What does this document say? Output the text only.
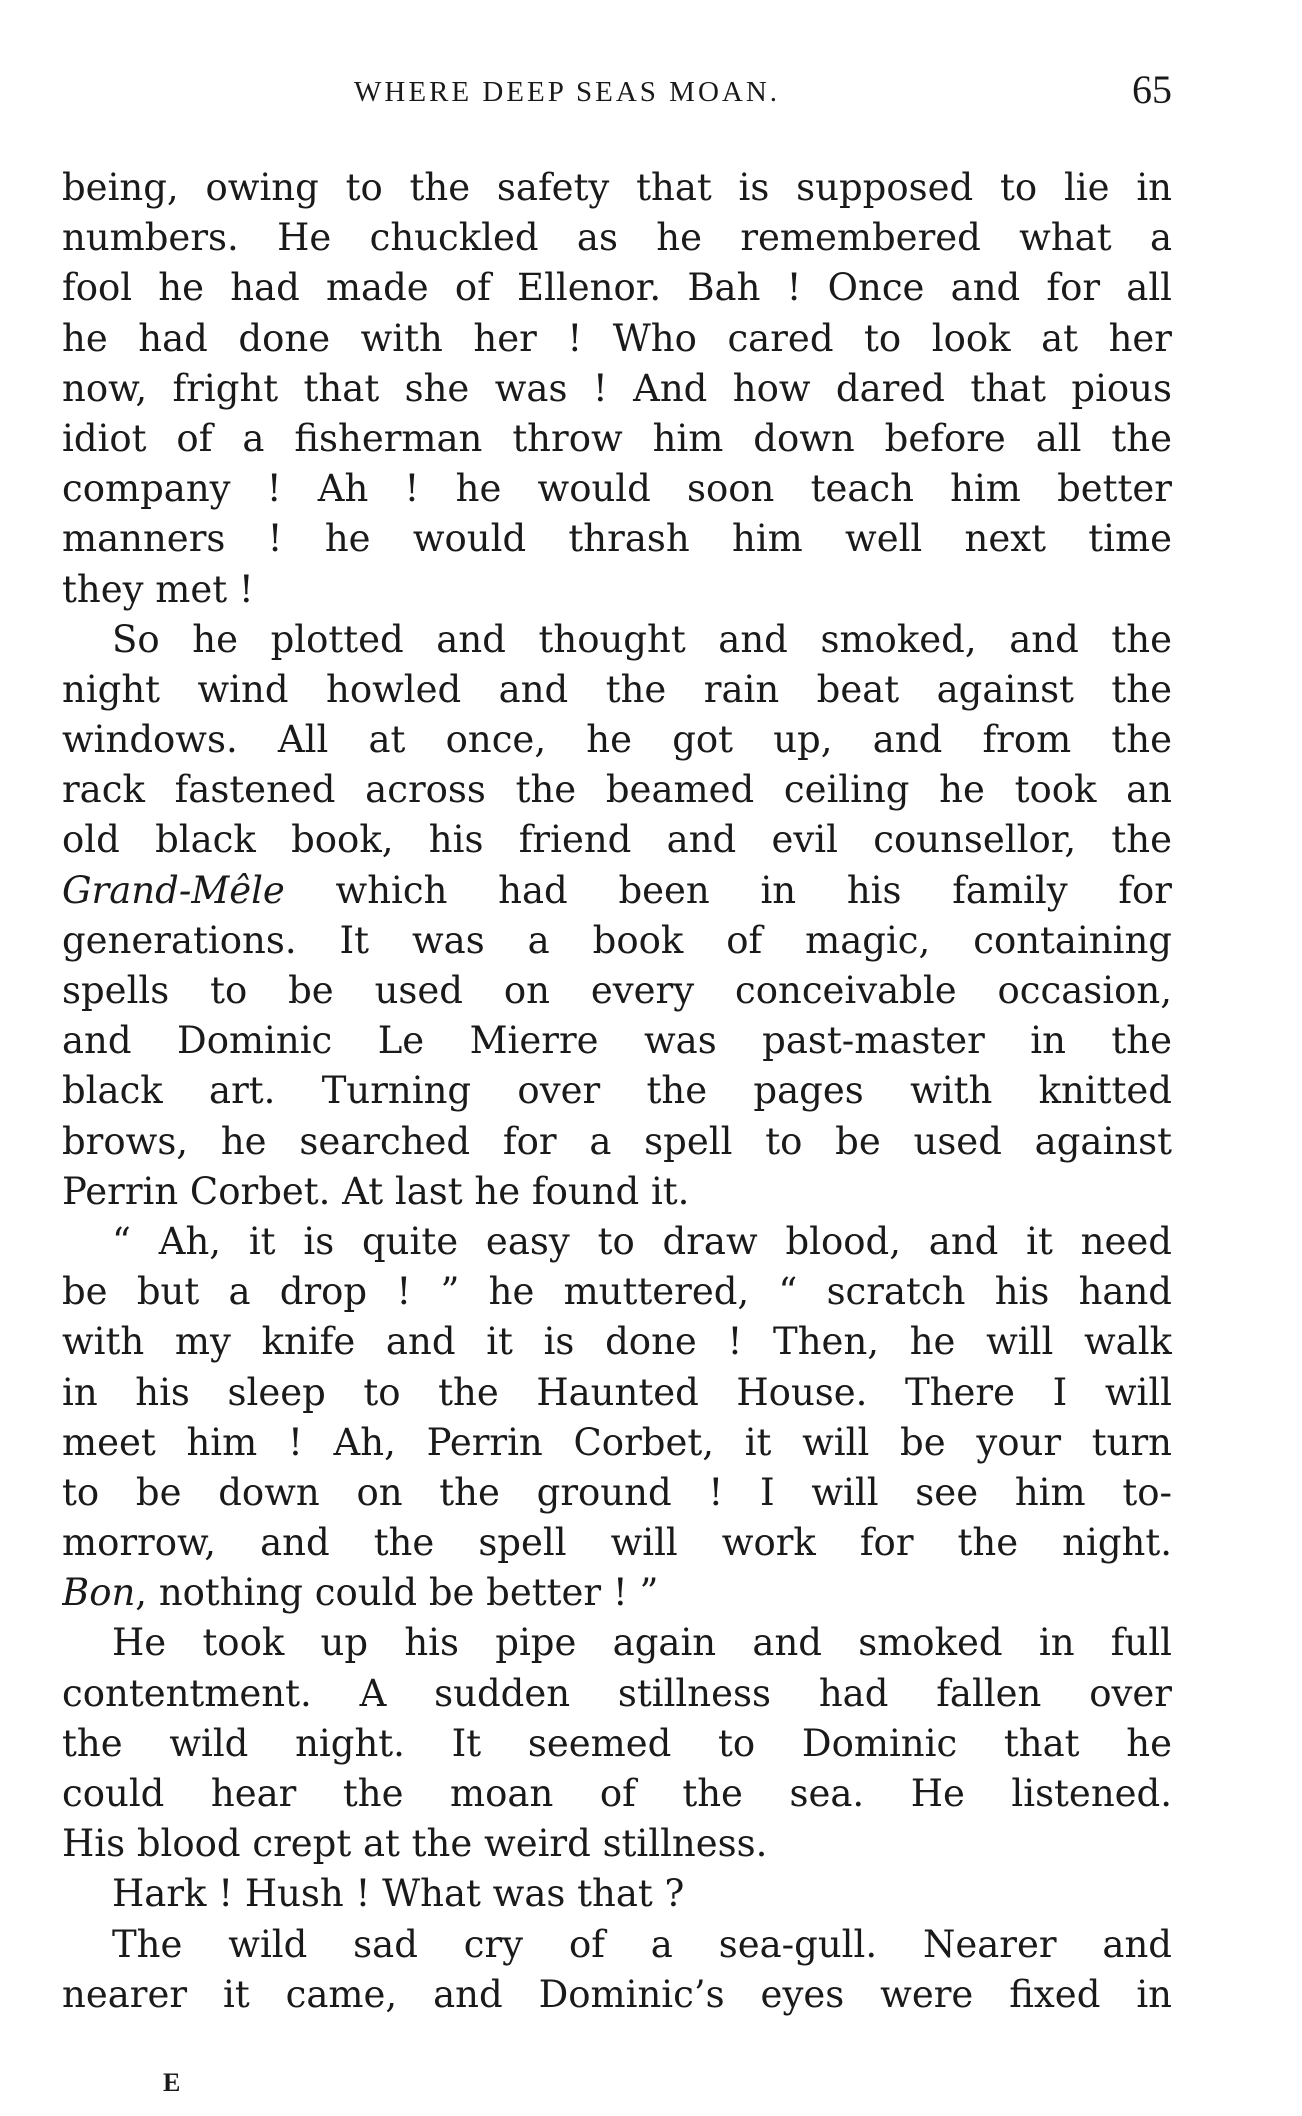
WHERE DEEP SEAS MOAN.	65
being, owing to the safety that is supposed to lie in
numbers. He chuckled as he remembered what a
fool he had made of Ellenor. Bah ! Once and for all
he had done with her ! Who cared to look at her
now, fright that she was ! And how dared that pious
idiot of a fisherman throw him down before all the
company ! Ah ! he would soon teach him better
manners ! he would thrash him well next time
they met !
So he plotted and thought and smoked, and the
night wind howled and the rain beat against the
windows. All at once, he got up, and from the
rack fastened across the beamed ceiling he took an
old black book, his friend and evil counsellor, the
Grand-Mêle which had been in his family for
generations. It was a book of magic, containing
spells to be used on every conceivable occasion,
and Dominic Le Mierre was past-master in the
black art. Turning over the pages with knitted
brows, he searched for a spell to be used against
Perrin Corbet. At last he found it.
“ Ah, it is quite easy to draw blood, and it need
be but a drop ! ” he muttered, “ scratch his hand
with my knife and it is done ! Then, he will walk
in his sleep to the Haunted House. There I will
meet him ! Ah, Perrin Corbet, it will be your turn
to be down on the ground ! I will see him to-
morrow, and the spell will work for the night.
Bon, nothing could be better ! ”
He took up his pipe again and smoked in full
contentment. A sudden stillness had fallen over
the wild night. It seemed to Dominic that he
could hear the moan of the sea. He listened.
His blood crept at the weird stillness.
Hark ! Hush ! What was that ?
The wild sad cry of a sea-gull. Nearer and
nearer it came, and Dominic’s eyes were fixed in
E
